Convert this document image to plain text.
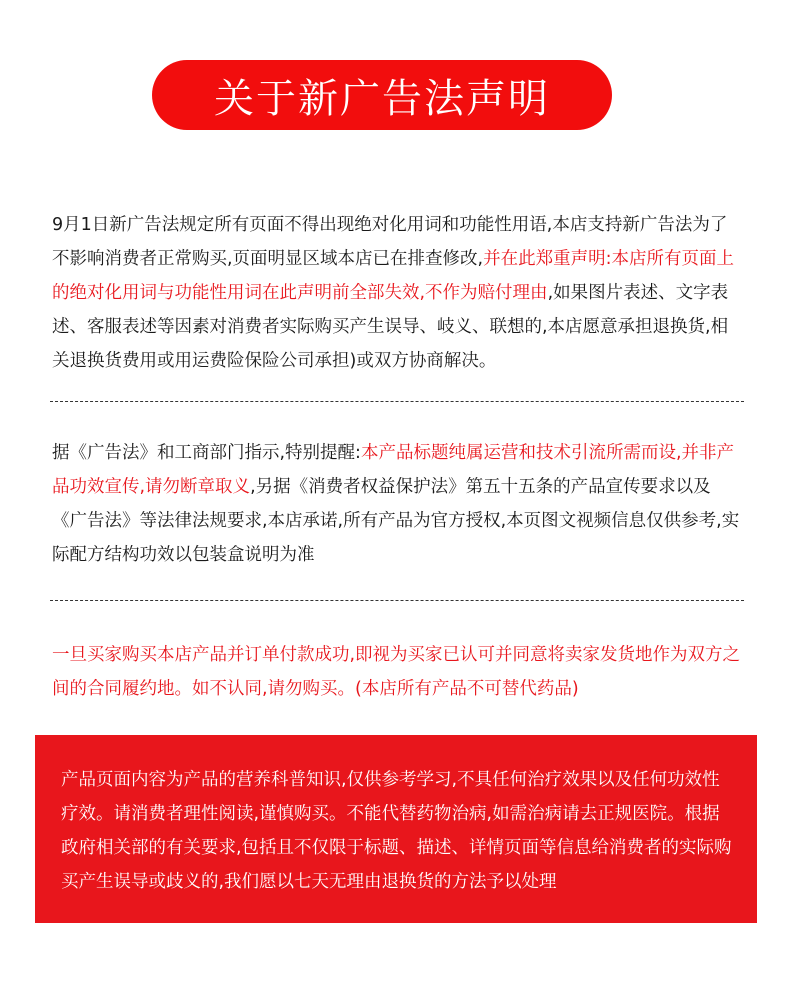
关于新广告法声明
9月1日新广告法规定所有页面不得出现绝对化用词和功能性用语,本店支持新广告法为了不影响消费者正常购买,页面明显区域本店已在排查修改,并在此郑重声明:本店所有页面上的绝对化用词与功能性用词在此声明前全部失效,不作为赔付理由,如果图片表述、文字表述、客服表述等因素对消费者实际购买产生误导、岐义、联想的,本店愿意承担退换货,相关退换货费用或用运费险保险公司承担)或双方协商解决。
据《广告法》和工商部门指示,特别提醒:本产品标题纯属运营和技术引流所需而设,并非产品功效宣传,请勿断章取义,另据《消费者权益保护法》第五十五条的产品宣传要求以及《广告法》等法律法规要求,本店承诺,所有产品为官方授权,本页图文视频信息仅供参考,实际配方结构功效以包装盒说明为准
一旦买家购买本店产品并订单付款成功,即视为买家已认可并同意将卖家发货地作为双方之间的合同履约地。如不认同,请勿购买。(本店所有产品不可替代药品)
产品页面内容为产品的营养科普知识,仅供参考学习,不具任何治疗效果以及任何功效性疗效。请消费者理性阅读,谨慎购买。不能代替药物治病,如需治病请去正规医院。根据政府相关部的有关要求,包括且不仅限于标题、描述、详情页面等信息给消费者的实际购买产生误导或歧义的,我们愿以七天无理由退换货的方法予以处理
